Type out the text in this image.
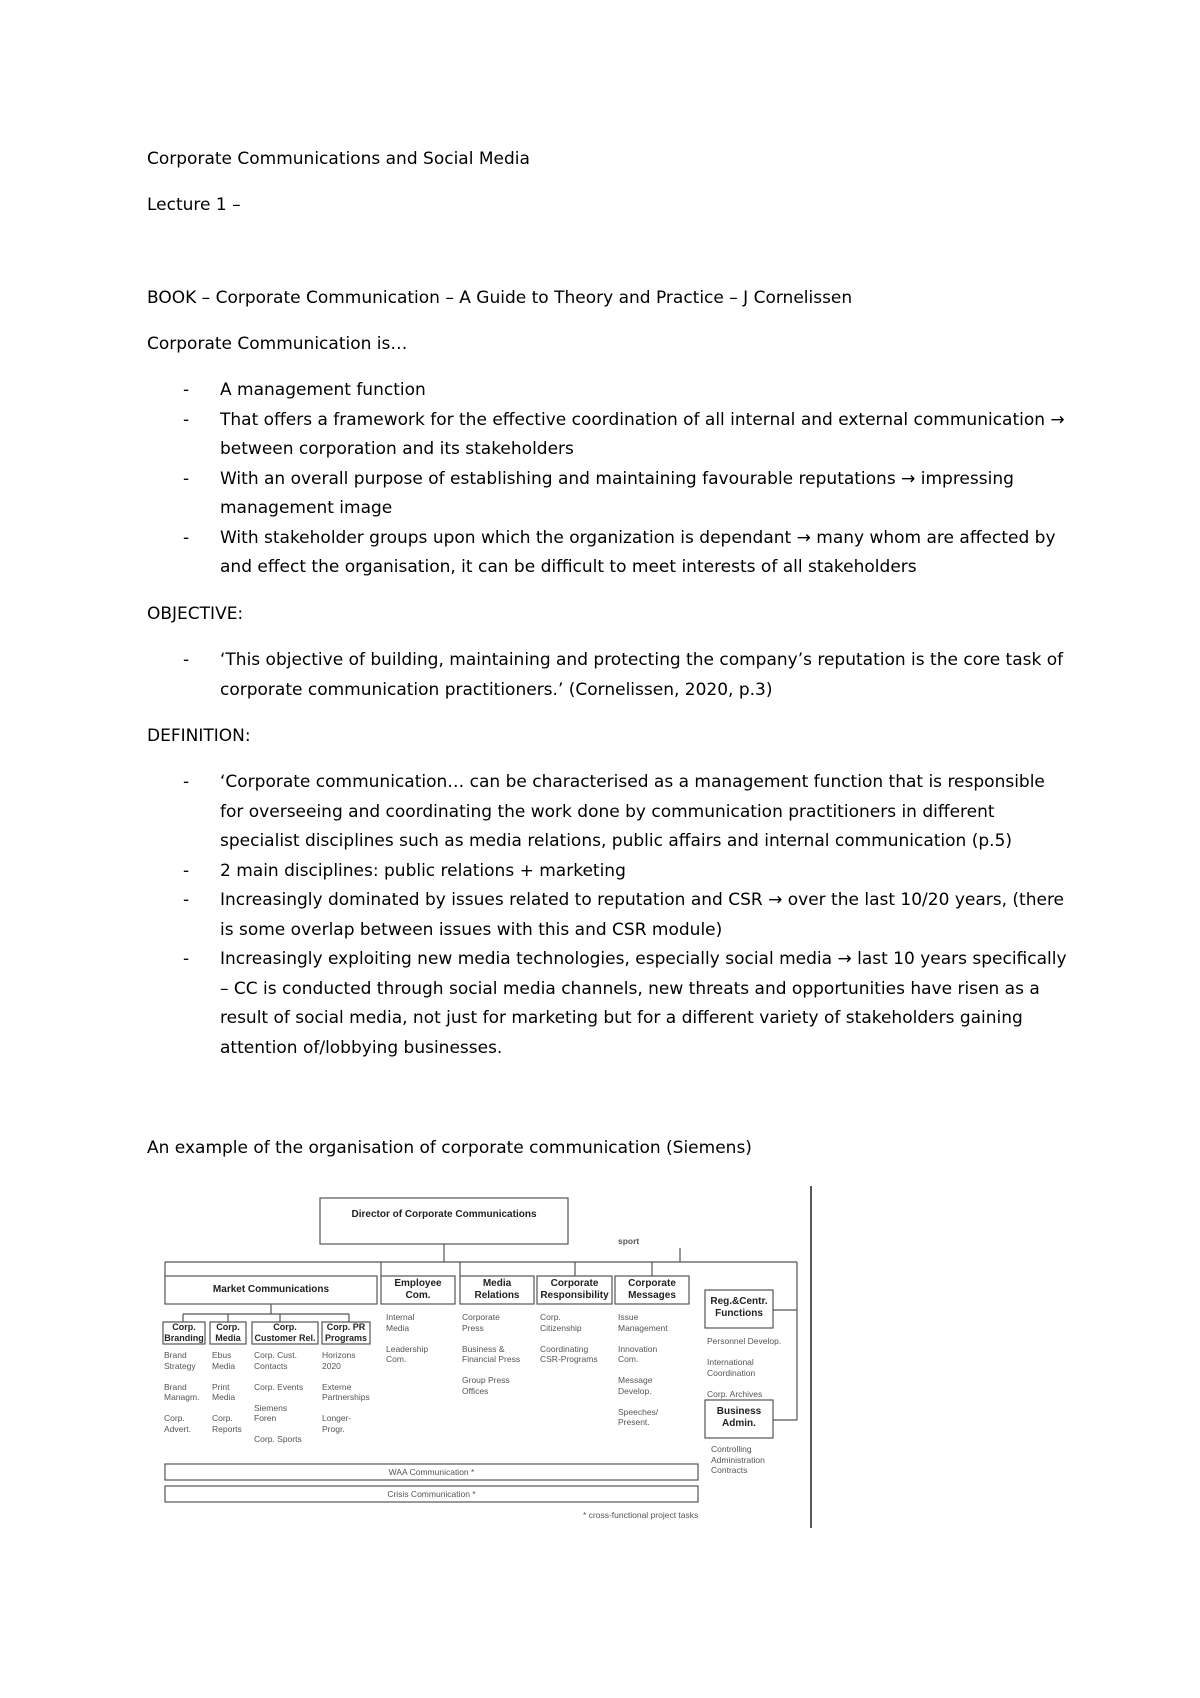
Corporate Communications and Social Media
Lecture 1 –
BOOK – Corporate Communication – A Guide to Theory and Practice – J Cornelissen
Corporate Communication is…
- A management function
- That offers a framework for the effective coordination of all internal and external communication → between corporation and its stakeholders
- With an overall purpose of establishing and maintaining favourable reputations → impressing management image
- With stakeholder groups upon which the organization is dependant → many whom are affected by and effect the organisation, it can be difficult to meet interests of all stakeholders
OBJECTIVE:
- ‘This objective of building, maintaining and protecting the company’s reputation is the core task of corporate communication practitioners.’ (Cornelissen, 2020, p.3)
DEFINITION:
- ‘Corporate communication… can be characterised as a management function that is responsible for overseeing and coordinating the work done by communication practitioners in different specialist disciplines such as media relations, public affairs and internal communication (p.5)
- 2 main disciplines: public relations + marketing
- Increasingly dominated by issues related to reputation and CSR → over the last 10/20 years, (there is some overlap between issues with this and CSR module)
- Increasingly exploiting new media technologies, especially social media → last 10 years specifically – CC is conducted through social media channels, new threats and opportunities have risen as a result of social media, not just for marketing but for a different variety of stakeholders gaining attention of/lobbying businesses.
An example of the organisation of corporate communication (Siemens)
Director of Corporate Communications
sport
Market Communications
Employee Com.
Media Relations
Corporate Responsibility
Corporate Messages
Corp. Branding
Corp. Media
Corp. Customer Rel.
Corp. PR Programs
Brand
Strategy

Brand
Managm.

Corp.
Advert.
Ebus
Media

Print
Media

Corp.
Reports
Corp. Cust.
Contacts

Corp. Events

Siemens
Foren

Corp. Sports
Horizons
2020

Externe
Partnerships

Longer-
Progr.
Internal
Media

Leadership
Com.
Corporate
Press

Business &
Financial Press

Group Press
Offices
Corp.
Citizenship

Coordinating
CSR-Programs
Issue
Management

Innovation
Com.

Message
Develop.

Speeches/
Present.
Reg.&Centr. Functions
Personnel Develop.

International
Coordination

Corp. Archives
Business Admin.
Controlling
Administration
Contracts
WAA Communication *
Crisis Communication *
* cross-functional project tasks
